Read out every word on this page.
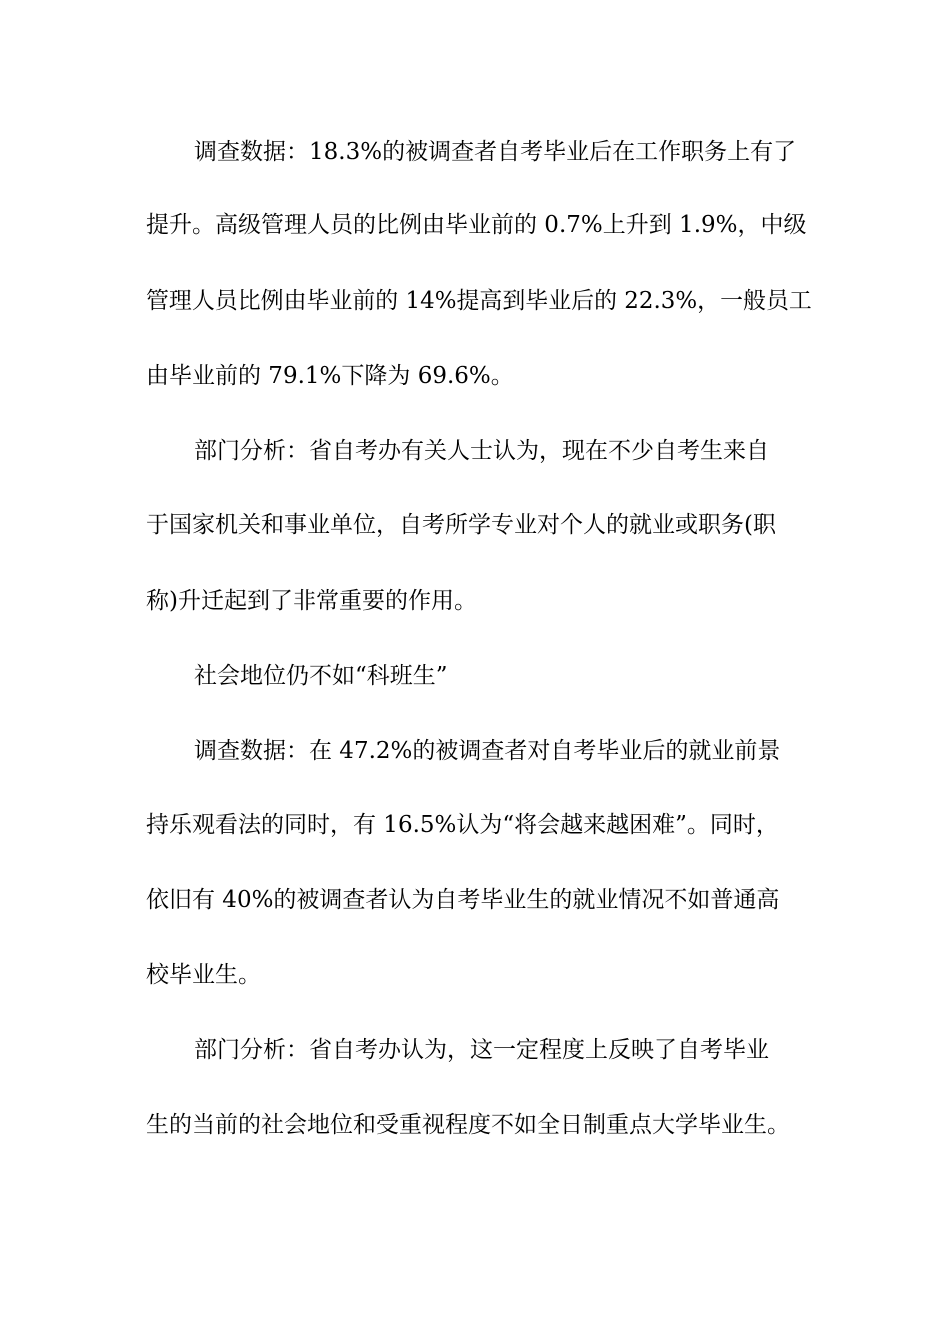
调查数据：18.3%的被调查者自考毕业后在工作职务上有了
提升。高级管理人员的比例由毕业前的 0.7%上升到 1.9%，中级
管理人员比例由毕业前的 14%提高到毕业后的 22.3%，一般员工
由毕业前的 79.1%下降为 69.6%。
部门分析：省自考办有关人士认为，现在不少自考生来自
于国家机关和事业单位，自考所学专业对个人的就业或职务(职
称)升迁起到了非常重要的作用。
社会地位仍不如“科班生”
调查数据：在 47.2%的被调查者对自考毕业后的就业前景
持乐观看法的同时，有 16.5%认为“将会越来越困难”。同时，
依旧有 40%的被调查者认为自考毕业生的就业情况不如普通高
校毕业生。
部门分析：省自考办认为，这一定程度上反映了自考毕业
生的当前的社会地位和受重视程度不如全日制重点大学毕业生。
